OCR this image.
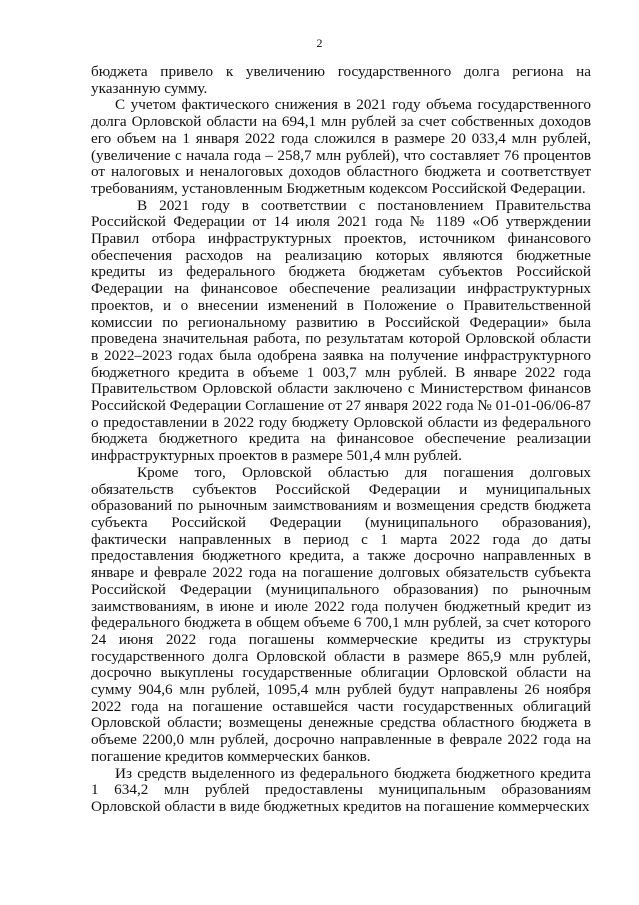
2

бюджета привело к увеличению государственного долга региона на указанную сумму.

С учетом фактического снижения в 2021 году объема государственного долга Орловской области на 694,1 млн рублей за счет собственных доходов его объем на 1 января 2022 года сложился в размере 20 033,4 млн рублей, (увеличение с начала года – 258,7 млн рублей), что составляет 76 процентов от налоговых и неналоговых доходов областного бюджета и соответствует требованиям, установленным Бюджетным кодексом Российской Федерации.

В 2021 году в соответствии с постановлением Правительства Российской Федерации от 14 июля 2021 года № 1189 «Об утверждении Правил отбора инфраструктурных проектов, источником финансового обеспечения расходов на реализацию которых являются бюджетные кредиты из федерального бюджета бюджетам субъектов Российской Федерации на финансовое обеспечение реализации инфраструктурных проектов, и о внесении изменений в Положение о Правительственной комиссии по региональному развитию в Российской Федерации» была проведена значительная работа, по результатам которой Орловской области в 2022–2023 годах была одобрена заявка на получение инфраструктурного бюджетного кредита в объеме 1 003,7 млн рублей. В январе 2022 года Правительством Орловской области заключено с Министерством финансов Российской Федерации Соглашение от 27 января 2022 года № 01-01-06/06-87 о предоставлении в 2022 году бюджету Орловской области из федерального бюджета бюджетного кредита на финансовое обеспечение реализации инфраструктурных проектов в размере 501,4 млн рублей.

Кроме того, Орловской областью для погашения долговых обязательств субъектов Российской Федерации и муниципальных образований по рыночным заимствованиям и возмещения средств бюджета субъекта Российской Федерации (муниципального образования), фактически направленных в период с 1 марта 2022 года до даты предоставления бюджетного кредита, а также досрочно направленных в январе и феврале 2022 года на погашение долговых обязательств субъекта Российской Федерации (муниципального образования) по рыночным заимствованиям, в июне и июле 2022 года получен бюджетный кредит из федерального бюджета в общем объеме 6 700,1 млн рублей, за счет которого 24 июня 2022 года погашены коммерческие кредиты из структуры государственного долга Орловской области в размере 865,9 млн рублей, досрочно выкуплены государственные облигации Орловской области на сумму 904,6 млн рублей, 1095,4 млн рублей будут направлены 26 ноября 2022 года на погашение оставшейся части государственных облигаций Орловской области; возмещены денежные средства областного бюджета в объеме 2200,0 млн рублей, досрочно направленные в феврале 2022 года на погашение кредитов коммерческих банков.

Из средств выделенного из федерального бюджета бюджетного кредита 1 634,2 млн рублей предоставлены муниципальным образованиям Орловской области в виде бюджетных кредитов на погашение коммерческих
